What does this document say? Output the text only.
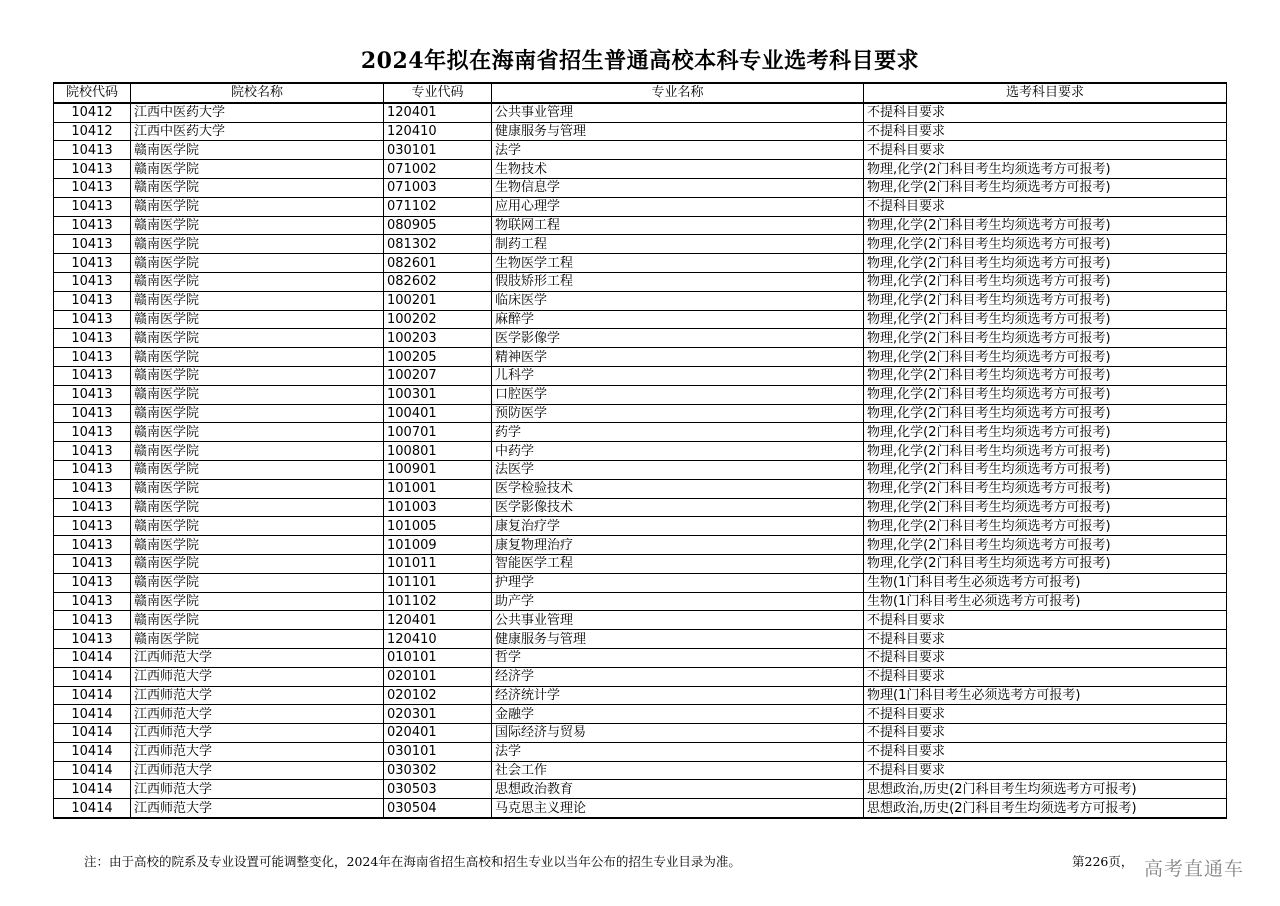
2024年拟在海南省招生普通高校本科专业选考科目要求
院校代码	院校名称	专业代码	专业名称	选考科目要求
10412	江西中医药大学	120401	公共事业管理	不提科目要求
10412	江西中医药大学	120410	健康服务与管理	不提科目要求
10413	赣南医学院	030101	法学	不提科目要求
10413	赣南医学院	071002	生物技术	物理,化学(2门科目考生均须选考方可报考)
10413	赣南医学院	071003	生物信息学	物理,化学(2门科目考生均须选考方可报考)
10413	赣南医学院	071102	应用心理学	不提科目要求
10413	赣南医学院	080905	物联网工程	物理,化学(2门科目考生均须选考方可报考)
10413	赣南医学院	081302	制药工程	物理,化学(2门科目考生均须选考方可报考)
10413	赣南医学院	082601	生物医学工程	物理,化学(2门科目考生均须选考方可报考)
10413	赣南医学院	082602	假肢矫形工程	物理,化学(2门科目考生均须选考方可报考)
10413	赣南医学院	100201	临床医学	物理,化学(2门科目考生均须选考方可报考)
10413	赣南医学院	100202	麻醉学	物理,化学(2门科目考生均须选考方可报考)
10413	赣南医学院	100203	医学影像学	物理,化学(2门科目考生均须选考方可报考)
10413	赣南医学院	100205	精神医学	物理,化学(2门科目考生均须选考方可报考)
10413	赣南医学院	100207	儿科学	物理,化学(2门科目考生均须选考方可报考)
10413	赣南医学院	100301	口腔医学	物理,化学(2门科目考生均须选考方可报考)
10413	赣南医学院	100401	预防医学	物理,化学(2门科目考生均须选考方可报考)
10413	赣南医学院	100701	药学	物理,化学(2门科目考生均须选考方可报考)
10413	赣南医学院	100801	中药学	物理,化学(2门科目考生均须选考方可报考)
10413	赣南医学院	100901	法医学	物理,化学(2门科目考生均须选考方可报考)
10413	赣南医学院	101001	医学检验技术	物理,化学(2门科目考生均须选考方可报考)
10413	赣南医学院	101003	医学影像技术	物理,化学(2门科目考生均须选考方可报考)
10413	赣南医学院	101005	康复治疗学	物理,化学(2门科目考生均须选考方可报考)
10413	赣南医学院	101009	康复物理治疗	物理,化学(2门科目考生均须选考方可报考)
10413	赣南医学院	101011	智能医学工程	物理,化学(2门科目考生均须选考方可报考)
10413	赣南医学院	101101	护理学	生物(1门科目考生必须选考方可报考)
10413	赣南医学院	101102	助产学	生物(1门科目考生必须选考方可报考)
10413	赣南医学院	120401	公共事业管理	不提科目要求
10413	赣南医学院	120410	健康服务与管理	不提科目要求
10414	江西师范大学	010101	哲学	不提科目要求
10414	江西师范大学	020101	经济学	不提科目要求
10414	江西师范大学	020102	经济统计学	物理(1门科目考生必须选考方可报考)
10414	江西师范大学	020301	金融学	不提科目要求
10414	江西师范大学	020401	国际经济与贸易	不提科目要求
10414	江西师范大学	030101	法学	不提科目要求
10414	江西师范大学	030302	社会工作	不提科目要求
10414	江西师范大学	030503	思想政治教育	思想政治,历史(2门科目考生均须选考方可报考)
10414	江西师范大学	030504	马克思主义理论	思想政治,历史(2门科目考生均须选考方可报考)
注：由于高校的院系及专业设置可能调整变化，2024年在海南省招生高校和招生专业以当年公布的招生专业目录为准。	第226页， 高考直通车
